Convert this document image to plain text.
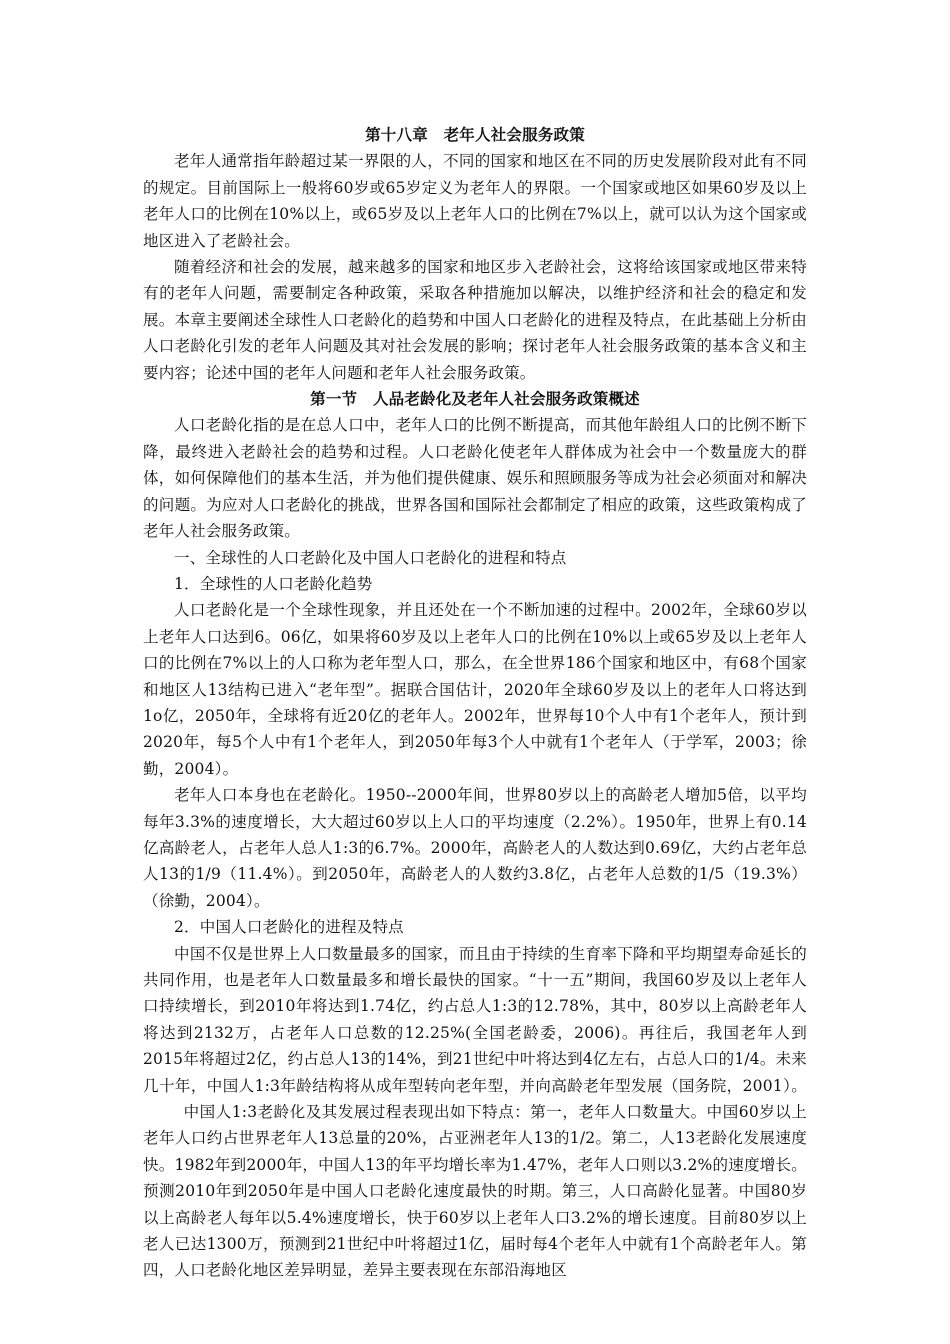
第十八章　老年人社会服务政策

老年人通常指年龄超过某一界限的人，不同的国家和地区在不同的历史发展阶段对此有不同的规定。目前国际上一般将60岁或65岁定义为老年人的界限。一个国家或地区如果60岁及以上老年人口的比例在10%以上，或65岁及以上老年人口的比例在7%以上，就可以认为这个国家或地区进入了老龄社会。

随着经济和社会的发展，越来越多的国家和地区步入老龄社会，这将给该国家或地区带来特有的老年人问题，需要制定各种政策，采取各种措施加以解决，以维护经济和社会的稳定和发展。本章主要阐述全球性人口老龄化的趋势和中国人口老龄化的进程及特点，在此基础上分析由人口老龄化引发的老年人问题及其对社会发展的影响；探讨老年人社会服务政策的基本含义和主要内容；论述中国的老年人问题和老年人社会服务政策。

第一节　人品老龄化及老年人社会服务政策概述

人口老龄化指的是在总人口中，老年人口的比例不断提高，而其他年龄组人口的比例不断下降，最终进入老龄社会的趋势和过程。人口老龄化使老年人群体成为社会中一个数量庞大的群体，如何保障他们的基本生活，并为他们提供健康、娱乐和照顾服务等成为社会必须面对和解决的问题。为应对人口老龄化的挑战，世界各国和国际社会都制定了相应的政策，这些政策构成了老年人社会服务政策。

一、全球性的人口老龄化及中国人口老龄化的进程和特点

1．全球性的人口老龄化趋势

人口老龄化是一个全球性现象，并且还处在一个不断加速的过程中。2002年，全球60岁以上老年人口达到6。06亿，如果将60岁及以上老年人口的比例在10%以上或65岁及以上老年人口的比例在7%以上的人口称为老年型人口，那么，在全世界186个国家和地区中，有68个国家和地区人13结构已进入“老年型”。据联合国估计，2020年全球60岁及以上的老年人口将达到1o亿，2050年，全球将有近20亿的老年人。2002年，世界每10个人中有1个老年人，预计到2020年，每5个人中有1个老年人，到2050年每3个人中就有1个老年人（于学军，2003；徐勤，2004）。

老年人口本身也在老龄化。1950--2000年间，世界80岁以上的高龄老人增加5倍，以平均每年3.3%的速度增长，大大超过60岁以上人口的平均速度（2.2%）。1950年，世界上有0.14亿高龄老人，占老年人总人1:3的6.7%。2000年，高龄老人的人数达到0.69亿，大约占老年总人13的1/9（11.4%）。到2050年，高龄老人的人数约3.8亿，占老年人总数的1/5（19.3%）（徐勤，2004）。

2．中国人口老龄化的进程及特点

中国不仅是世界上人口数量最多的国家，而且由于持续的生育率下降和平均期望寿命延长的共同作用，也是老年人口数量最多和增长最快的国家。“十一五”期间，我国60岁及以上老年人口持续增长，到2010年将达到1.74亿，约占总人1:3的12.78%，其中，80岁以上高龄老年人将达到2132万，占老年人口总数的12.25%(全国老龄委，2006)。再往后，我国老年人到2015年将超过2亿，约占总人13的14%，到21世纪中叶将达到4亿左右，占总人口的1/4。未来几十年，中国人1:3年龄结构将从成年型转向老年型，并向高龄老年型发展（国务院，2001）。中国人1:3老龄化及其发展过程表现出如下特点：第一，老年人口数量大。中国60岁以上老年人口约占世界老年人13总量的20%，占亚洲老年人13的1/2。第二，人13老龄化发展速度快。1982年到2000年，中国人13的年平均增长率为1.47%，老年人口则以3.2%的速度增长。预测2010年到2050年是中国人口老龄化速度最快的时期。第三，人口高龄化显著。中国80岁以上高龄老人每年以5.4%速度增长，快于60岁以上老年人口3.2%的增长速度。目前80岁以上老人已达1300万，预测到21世纪中叶将超过1亿，届时每4个老年人中就有1个高龄老年人。第四，人口老龄化地区差异明显，差异主要表现在东部沿海地区
